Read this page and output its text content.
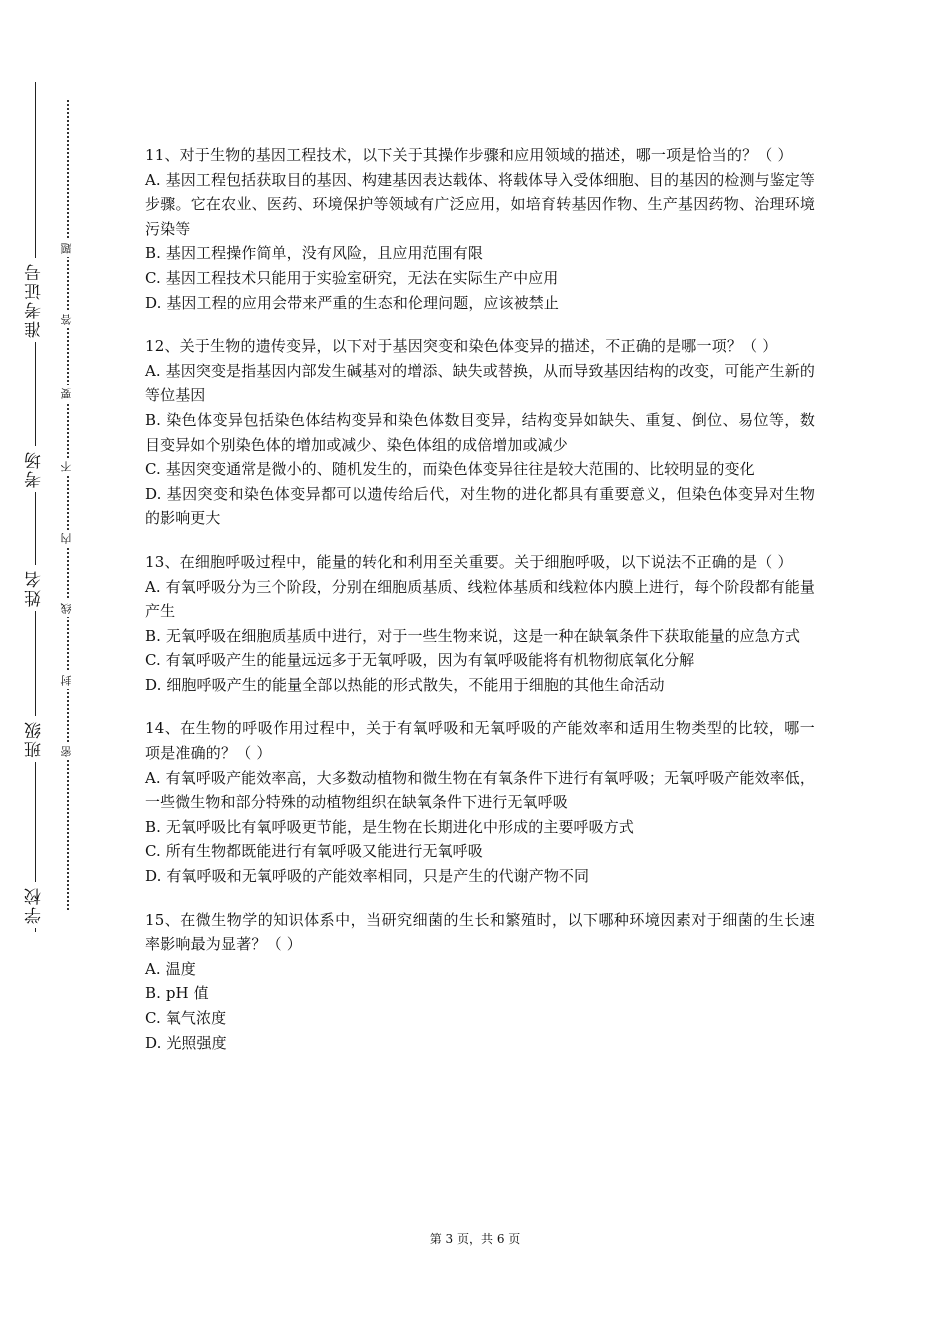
准考证号
考场
姓名
班级
学校
题
答
要
不
内
线
封
密

11、对于生物的基因工程技术，以下关于其操作步骤和应用领域的描述，哪一项是恰当的？（ ）

A. 基因工程包括获取目的基因、构建基因表达载体、将载体导入受体细胞、目的基因的检测与鉴定等步骤。它在农业、医药、环境保护等领域有广泛应用，如培育转基因作物、生产基因药物、治理环境污染等

B. 基因工程操作简单，没有风险，且应用范围有限

C. 基因工程技术只能用于实验室研究，无法在实际生产中应用

D. 基因工程的应用会带来严重的生态和伦理问题，应该被禁止

12、关于生物的遗传变异，以下对于基因突变和染色体变异的描述，不正确的是哪一项？（ ）

A. 基因突变是指基因内部发生碱基对的增添、缺失或替换，从而导致基因结构的改变，可能产生新的等位基因

B. 染色体变异包括染色体结构变异和染色体数目变异，结构变异如缺失、重复、倒位、易位等，数目变异如个别染色体的增加或减少、染色体组的成倍增加或减少

C. 基因突变通常是微小的、随机发生的，而染色体变异往往是较大范围的、比较明显的变化

D. 基因突变和染色体变异都可以遗传给后代，对生物的进化都具有重要意义，但染色体变异对生物的影响更大

13、在细胞呼吸过程中，能量的转化和利用至关重要。关于细胞呼吸，以下说法不正确的是（ ）

A. 有氧呼吸分为三个阶段，分别在细胞质基质、线粒体基质和线粒体内膜上进行，每个阶段都有能量产生

B. 无氧呼吸在细胞质基质中进行，对于一些生物来说，这是一种在缺氧条件下获取能量的应急方式

C. 有氧呼吸产生的能量远远多于无氧呼吸，因为有氧呼吸能将有机物彻底氧化分解

D. 细胞呼吸产生的能量全部以热能的形式散失，不能用于细胞的其他生命活动

14、在生物的呼吸作用过程中，关于有氧呼吸和无氧呼吸的产能效率和适用生物类型的比较，哪一项是准确的？（ ）

A. 有氧呼吸产能效率高，大多数动植物和微生物在有氧条件下进行有氧呼吸；无氧呼吸产能效率低，一些微生物和部分特殊的动植物组织在缺氧条件下进行无氧呼吸

B. 无氧呼吸比有氧呼吸更节能，是生物在长期进化中形成的主要呼吸方式

C. 所有生物都既能进行有氧呼吸又能进行无氧呼吸

D. 有氧呼吸和无氧呼吸的产能效率相同，只是产生的代谢产物不同

15、在微生物学的知识体系中，当研究细菌的生长和繁殖时，以下哪种环境因素对于细菌的生长速率影响最为显著？（ ）

A. 温度

B. pH 值

C. 氧气浓度

D. 光照强度

第 3 页，共 6 页
